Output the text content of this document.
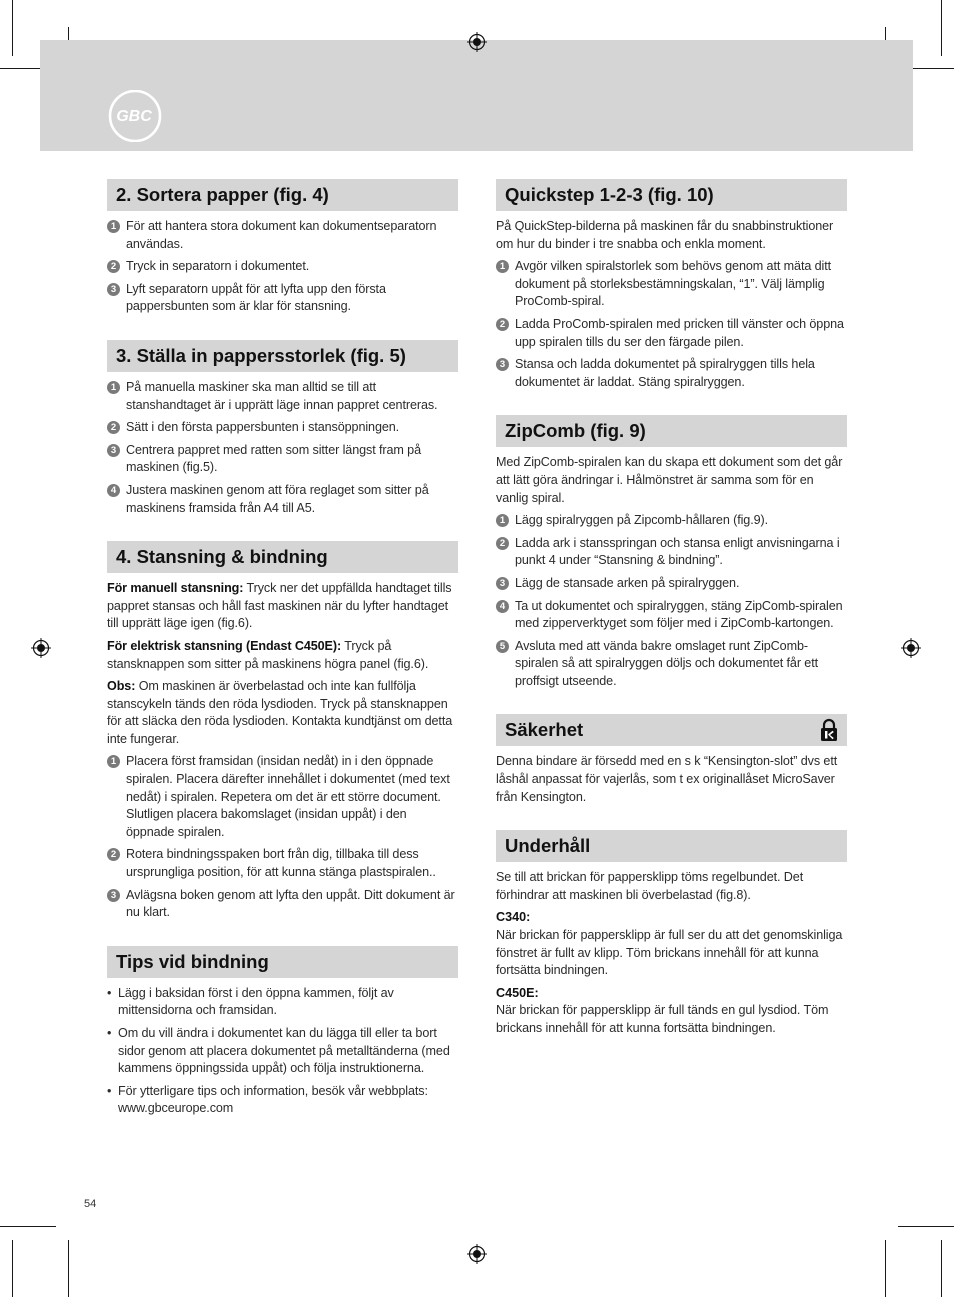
GBC
2. Sortera papper (fig. 4)
1 För att hantera stora dokument kan dokumentseparatorn användas.
2 Tryck in separatorn i dokumentet.
3 Lyft separatorn uppåt för att lyfta upp den första pappersbunten som är klar för stansning.
3. Ställa in pappersstorlek (fig. 5)
1 På manuella maskiner ska man alltid se till att stanshandtaget är i upprätt läge innan pappret centreras.
2 Sätt i den första pappersbunten i stansöppningen.
3 Centrera pappret med ratten som sitter längst fram på maskinen (fig.5).
4 Justera maskinen genom att föra reglaget som sitter på maskinens framsida från A4 till A5.
4. Stansning & bindning

För manuell stansning: Tryck ner det uppfällda handtaget tills pappret stansas och håll fast maskinen när du lyfter handtaget till upprätt läge igen (fig.6).

För elektrisk stansning (Endast C450E): Tryck på stansknappen som sitter på maskinens högra panel (fig.6).

Obs: Om maskinen är överbelastad och inte kan fullfölja stanscykeln tänds den röda lysdioden. Tryck på stansknappen för att släcka den röda lysdioden. Kontakta kundtjänst om detta inte fungerar.

1 Placera först framsidan (insidan nedåt) in i den öppnade spiralen. Placera därefter innehållet i dokumentet (med text nedåt) i spiralen. Repetera om det är ett större document. Slutligen placera bakomslaget (insidan uppåt) i den öppnade spiralen.
2 Rotera bindningsspaken bort från dig, tillbaka till dess ursprungliga position, för att kunna stänga plastspiralen..
3 Avlägsna boken genom att lyfta den uppåt. Ditt dokument är nu klart.
Tips vid bindning
• Lägg i baksidan först i den öppna kammen, följt av mittensidorna och framsidan.
• Om du vill ändra i dokumentet kan du lägga till eller ta bort sidor genom att placera dokumentet på metalltänderna (med kammens öppningssida uppåt) och följa instruktionerna.
• För ytterligare tips och information, besök vår webbplats: www.gbceurope.com
Quickstep 1-2-3 (fig. 10)

På QuickStep-bilderna på maskinen får du snabbinstruktioner om hur du binder i tre snabba och enkla moment.

1 Avgör vilken spiralstorlek som behövs genom att mäta ditt dokument på storleksbestämningskalan, “1”. Välj lämplig ProComb-spiral.
2 Ladda ProComb-spiralen med pricken till vänster och öppna upp spiralen tills du ser den färgade pilen.
3 Stansa och ladda dokumentet på spiralryggen tills hela dokumentet är laddat. Stäng spiralryggen.
ZipComb (fig. 9)

Med ZipComb-spiralen kan du skapa ett dokument som det går att lätt göra ändringar i. Hålmönstret är samma som för en vanlig spiral.

1 Lägg spiralryggen på Zipcomb-hållaren (fig.9).
2 Ladda ark i stansspringan och stansa enligt anvisningarna i punkt 4 under “Stansning & bindning”.
3 Lägg de stansade arken på spiralryggen.
4 Ta ut dokumentet och spiralryggen, stäng ZipComb-spiralen med zipperverktyget som följer med i ZipComb-kartongen.
5 Avsluta med att vända bakre omslaget runt ZipComb-spiralen så att spiralryggen döljs och dokumentet får ett proffsigt utseende.
Säkerhet

Denna bindare är försedd med en s k “Kensington-slot” dvs ett låshål anpassat för vajerlås, som t ex originallåset MicroSaver från Kensington.

Underhåll

Se till att brickan för pappersklipp töms regelbundet. Det förhindrar att maskinen bli överbelastad (fig.8).

C340:

När brickan för pappersklipp är full ser du att det genomskinliga fönstret är fullt av klipp. Töm brickans innehåll för att kunna fortsätta bindningen.

C450E:

När brickan för pappersklipp är full tänds en gul lysdiod. Töm brickans innehåll för att kunna fortsätta bindningen.

54
